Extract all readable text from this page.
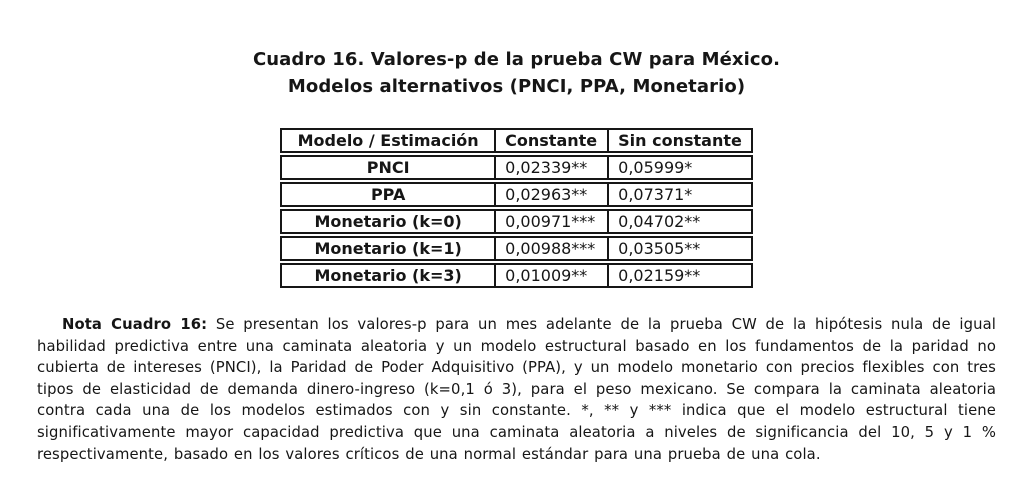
Cuadro 16. Valores-p de la prueba CW para México.
Modelos alternativos (PNCI, PPA, Monetario)
Modelo / Estimación	Constante	Sin constante
PNCI	0,02339**	0,05999*
PPA	0,02963**	0,07371*
Monetario (k=0)	0,00971***	0,04702**
Monetario (k=1)	0,00988***	0,03505**
Monetario (k=3)	0,01009**	0,02159**

Nota Cuadro 16: Se presentan los valores-p para un mes adelante de la prueba CW de la hipótesis nula de igual habilidad predictiva entre una caminata aleatoria y un modelo estructural basado en los fundamentos de la paridad no cubierta de intereses (PNCI), la Paridad de Poder Adquisitivo (PPA), y un modelo monetario con precios flexibles con tres tipos de elasticidad de demanda dinero-ingreso (k=0,1 ó 3), para el peso mexicano. Se compara la caminata aleatoria contra cada una de los modelos estimados con y sin constante. *, ** y *** indica que el modelo estructural tiene significativamente mayor capacidad predictiva que una caminata aleatoria a niveles de significancia del 10, 5 y 1 % respectivamente, basado en los valores críticos de una normal estándar para una prueba de una cola.
